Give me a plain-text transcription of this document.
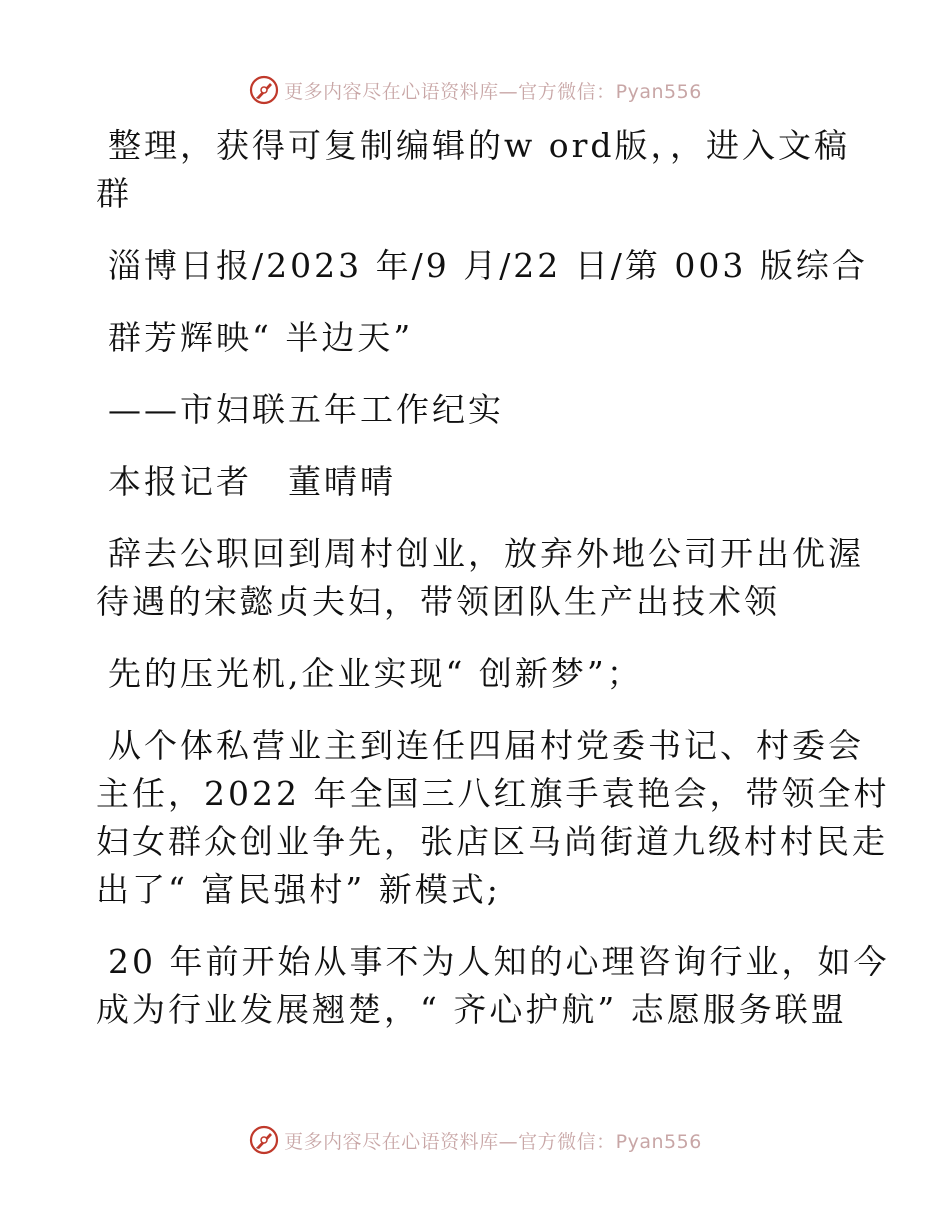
更多内容尽在心语资料库—官方微信：Pyan556

整理，获得可复制编辑的w ord版，，进入文稿
群

淄博日报/2023 年/9 月/22 日/第 003 版综合

群芳辉映“ 半边天”

——市妇联五年工作纪实

本报记者　董晴晴

辞去公职回到周村创业，放弃外地公司开出优渥
待遇的宋懿贞夫妇，带领团队生产出技术领

先的压光机,企业实现“ 创新梦”；

从个体私营业主到连任四届村党委书记、村委会
主任，2022 年全国三八红旗手袁艳会，带领全村
妇女群众创业争先，张店区马尚街道九级村村民走
出了“ 富民强村” 新模式;

20 年前开始从事不为人知的心理咨询行业，如今
成为行业发展翘楚，“ 齐心护航” 志愿服务联盟

更多内容尽在心语资料库—官方微信：Pyan556
